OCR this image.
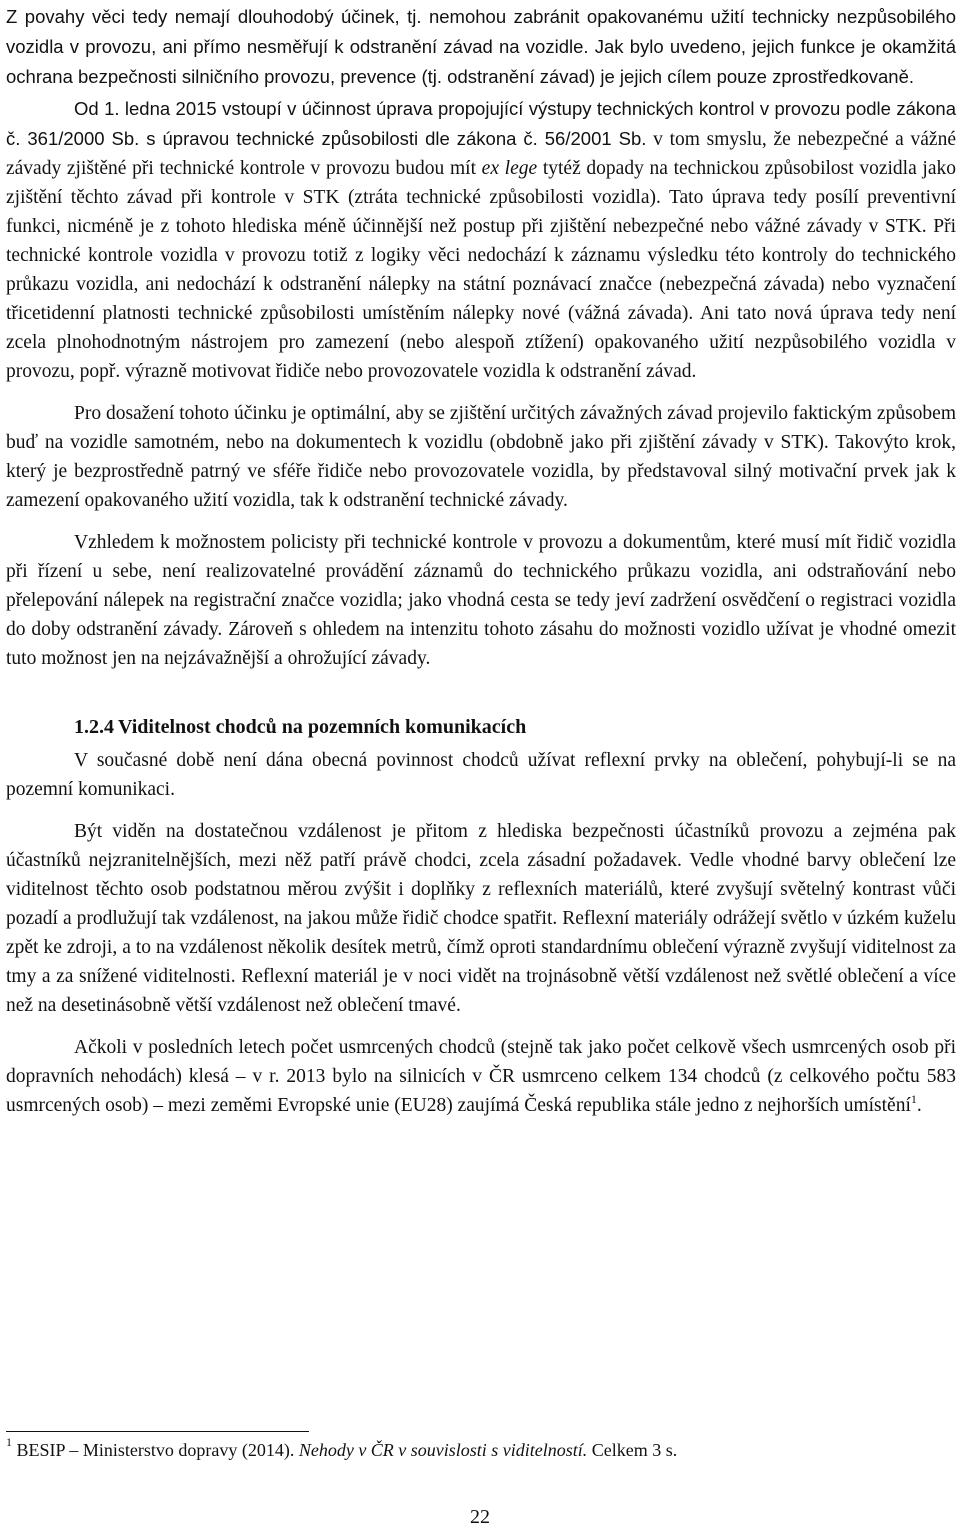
Z povahy věci tedy nemají dlouhodobý účinek, tj. nemohou zabránit opakovanému užití technicky nezpůsobilého vozidla v provozu, ani přímo nesměřují k odstranění závad na vozidle. Jak bylo uvedeno, jejich funkce je okamžitá ochrana bezpečnosti silničního provozu, prevence (tj. odstranění závad) je jejich cílem pouze zprostředkovaně.

Od 1. ledna 2015 vstoupí v účinnost úprava propojující výstupy technických kontrol v provozu podle zákona č. 361/2000 Sb. s úpravou technické způsobilosti dle zákona č. 56/2001 Sb. v tom smyslu, že nebezpečné a vážné závady zjištěné při technické kontrole v provozu budou mít ex lege tytéž dopady na technickou způsobilost vozidla jako zjištění těchto závad při kontrole v STK (ztráta technické způsobilosti vozidla). Tato úprava tedy posílí preventivní funkci, nicméně je z tohoto hlediska méně účinnější než postup při zjištění nebezpečné nebo vážné závady v STK. Při technické kontrole vozidla v provozu totiž z logiky věci nedochází k záznamu výsledku této kontroly do technického průkazu vozidla, ani nedochází k odstranění nálepky na státní poznávací značce (nebezpečná závada) nebo vyznačení třicetidenní platnosti technické způsobilosti umístěním nálepky nové (vážná závada). Ani tato nová úprava tedy není zcela plnohodnotným nástrojem pro zamezení (nebo alespoň ztížení) opakovaného užití nezpůsobilého vozidla v provozu, popř. výrazně motivovat řidiče nebo provozovatele vozidla k odstranění závad.

Pro dosažení tohoto účinku je optimální, aby se zjištění určitých závažných závad projevilo faktickým způsobem buď na vozidle samotném, nebo na dokumentech k vozidlu (obdobně jako při zjištění závady v STK). Takovýto krok, který je bezprostředně patrný ve sféře řidiče nebo provozovatele vozidla, by představoval silný motivační prvek jak k zamezení opakovaného užití vozidla, tak k odstranění technické závady.

Vzhledem k možnostem policisty při technické kontrole v provozu a dokumentům, které musí mít řidič vozidla při řízení u sebe, není realizovatelné provádění záznamů do technického průkazu vozidla, ani odstraňování nebo přelepování nálepek na registrační značce vozidla; jako vhodná cesta se tedy jeví zadržení osvědčení o registraci vozidla do doby odstranění závady. Zároveň s ohledem na intenzitu tohoto zásahu do možnosti vozidlo užívat je vhodné omezit tuto možnost jen na nejzávažnější a ohrožující závady.

1.2.4 Viditelnost chodců na pozemních komunikacích

V současné době není dána obecná povinnost chodců užívat reflexní prvky na oblečení, pohybují-li se na pozemní komunikaci.

Být viděn na dostatečnou vzdálenost je přitom z hlediska bezpečnosti účastníků provozu a zejména pak účastníků nejzranitelnějších, mezi něž patří právě chodci, zcela zásadní požadavek. Vedle vhodné barvy oblečení lze viditelnost těchto osob podstatnou měrou zvýšit i doplňky z reflexních materiálů, které zvyšují světelný kontrast vůči pozadí a prodlužují tak vzdálenost, na jakou může řidič chodce spatřit. Reflexní materiály odrážejí světlo v úzkém kuželu zpět ke zdroji, a to na vzdálenost několik desítek metrů, čímž oproti standardnímu oblečení výrazně zvyšují viditelnost za tmy a za snížené viditelnosti. Reflexní materiál je v noci vidět na trojnásobně větší vzdálenost než světlé oblečení a více než na desetinásobně větší vzdálenost než oblečení tmavé.

Ačkoli v posledních letech počet usmrcených chodců (stejně tak jako počet celkově všech usmrcených osob při dopravních nehodách) klesá – v r. 2013 bylo na silnicích v ČR usmrceno celkem 134 chodců (z celkového počtu 583 usmrcených osob) – mezi zeměmi Evropské unie (EU28) zaujímá Česká republika stále jedno z nejhorších umístění$^1$.

$^1$ BESIP – Ministerstvo dopravy (2014). Nehody v ČR v souvislosti s viditelností. Celkem 3 s.
22
